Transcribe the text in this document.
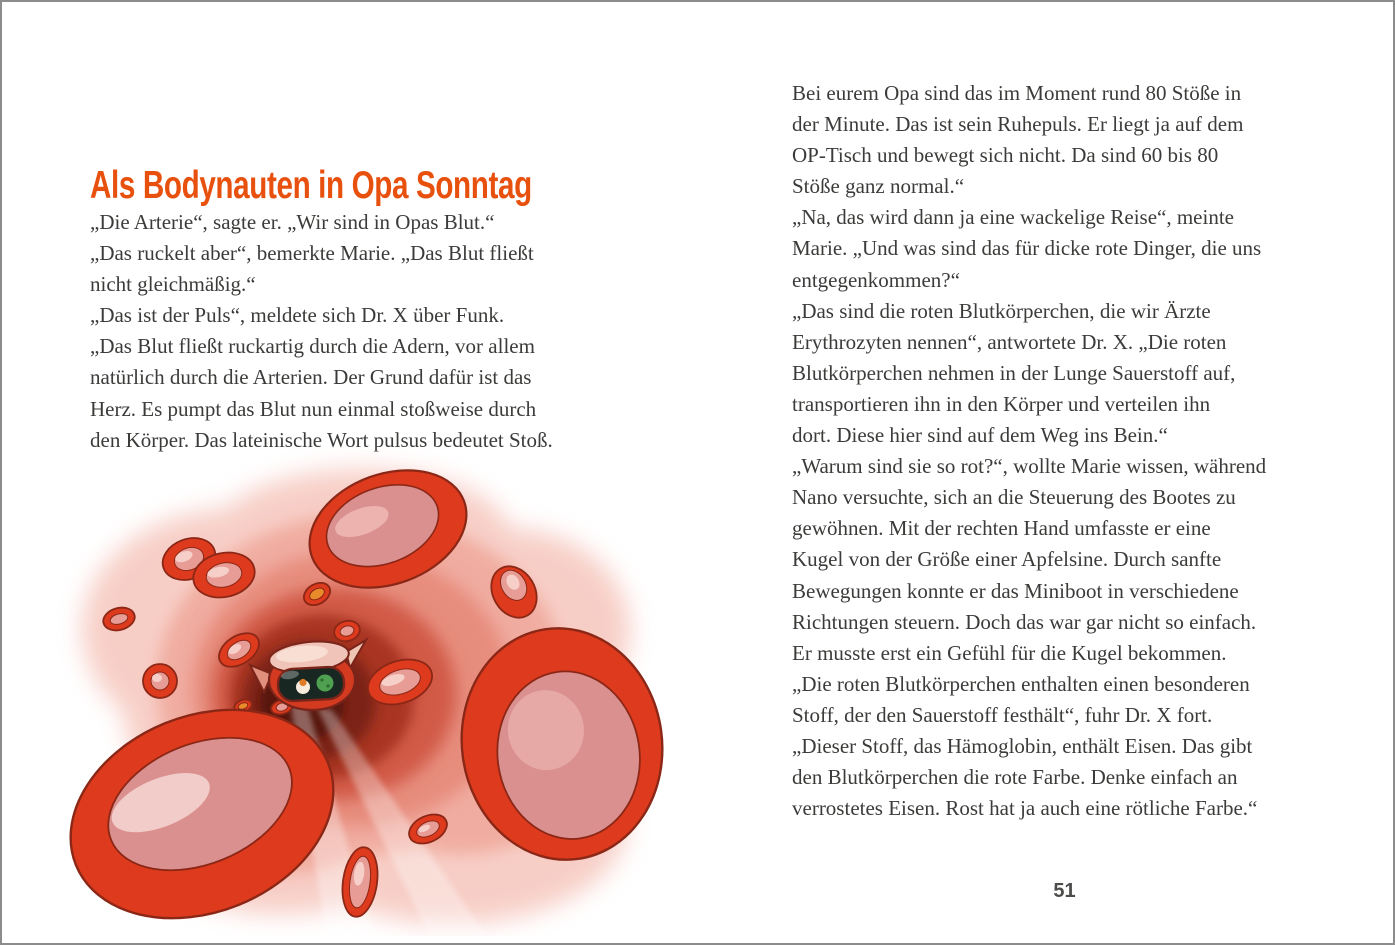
Als Bodynauten in Opa Sonntag
„Die Arterie“, sagte er. „Wir sind in Opas Blut.“
„Das ruckelt aber“, bemerkte Marie. „Das Blut fließt
nicht gleichmäßig.“
„Das ist der Puls“, meldete sich Dr. X über Funk.
„Das Blut fließt ruckartig durch die Adern, vor allem
natürlich durch die Arterien. Der Grund dafür ist das
Herz. Es pumpt das Blut nun einmal stoßweise durch
den Körper. Das lateinische Wort pulsus bedeutet Stoß.
Bei eurem Opa sind das im Moment rund 80 Stöße in
der Minute. Das ist sein Ruhepuls. Er liegt ja auf dem
OP-Tisch und bewegt sich nicht. Da sind 60 bis 80
Stöße ganz normal.“
„Na, das wird dann ja eine wackelige Reise“, meinte
Marie. „Und was sind das für dicke rote Dinger, die uns
entgegenkommen?“
„Das sind die roten Blutkörperchen, die wir Ärzte
Erythrozyten nennen“, antwortete Dr. X. „Die roten
Blutkörperchen nehmen in der Lunge Sauerstoff auf,
transportieren ihn in den Körper und verteilen ihn
dort. Diese hier sind auf dem Weg ins Bein.“
„Warum sind sie so rot?“, wollte Marie wissen, während
Nano versuchte, sich an die Steuerung des Bootes zu
gewöhnen. Mit der rechten Hand umfasste er eine
Kugel von der Größe einer Apfelsine. Durch sanfte
Bewegungen konnte er das Miniboot in verschiedene
Richtungen steuern. Doch das war gar nicht so einfach.
Er musste erst ein Gefühl für die Kugel bekommen.
„Die roten Blutkörperchen enthalten einen besonderen
Stoff, der den Sauerstoff festhält“, fuhr Dr. X fort.
„Dieser Stoff, das Hämoglobin, enthält Eisen. Das gibt
den Blutkörperchen die rote Farbe. Denke einfach an
verrostetes Eisen. Rost hat ja auch eine rötliche Farbe.“
51
